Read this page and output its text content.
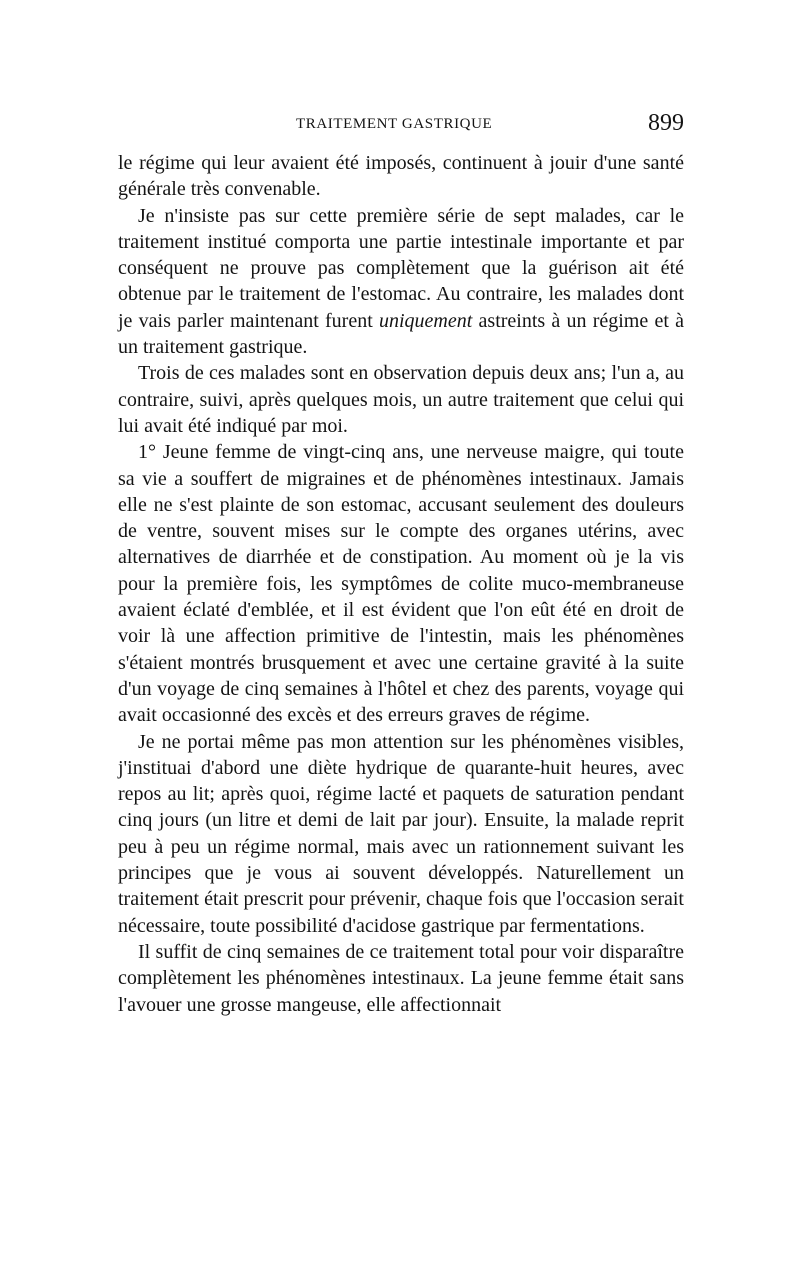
TRAITEMENT GASTRIQUE	899

le régime qui leur avaient été imposés, continuent à jouir d'une santé générale très convenable.

Je n'insiste pas sur cette première série de sept malades, car le traitement institué comporta une partie intestinale importante et par conséquent ne prouve pas complètement que la guérison ait été obtenue par le traitement de l'estomac. Au contraire, les malades dont je vais parler maintenant furent uniquement astreints à un régime et à un traitement gastrique.

Trois de ces malades sont en observation depuis deux ans; l'un a, au contraire, suivi, après quelques mois, un autre traitement que celui qui lui avait été indiqué par moi.

1° Jeune femme de vingt-cinq ans, une nerveuse maigre, qui toute sa vie a souffert de migraines et de phénomènes intestinaux. Jamais elle ne s'est plainte de son estomac, accusant seulement des douleurs de ventre, souvent mises sur le compte des organes utérins, avec alternatives de diarrhée et de constipation. Au moment où je la vis pour la première fois, les symptômes de colite muco-membraneuse avaient éclaté d'emblée, et il est évident que l'on eût été en droit de voir là une affection primitive de l'intestin, mais les phénomènes s'étaient montrés brusquement et avec une certaine gravité à la suite d'un voyage de cinq semaines à l'hôtel et chez des parents, voyage qui avait occasionné des excès et des erreurs graves de régime.

Je ne portai même pas mon attention sur les phénomènes visibles, j'instituai d'abord une diète hydrique de quarante-huit heures, avec repos au lit; après quoi, régime lacté et paquets de saturation pendant cinq jours (un litre et demi de lait par jour). Ensuite, la malade reprit peu à peu un régime normal, mais avec un rationnement suivant les principes que je vous ai souvent développés. Naturellement un traitement était prescrit pour prévenir, chaque fois que l'occasion serait nécessaire, toute possibilité d'acidose gastrique par fermentations.

Il suffit de cinq semaines de ce traitement total pour voir disparaître complètement les phénomènes intestinaux. La jeune femme était sans l'avouer une grosse mangeuse, elle affectionnait
